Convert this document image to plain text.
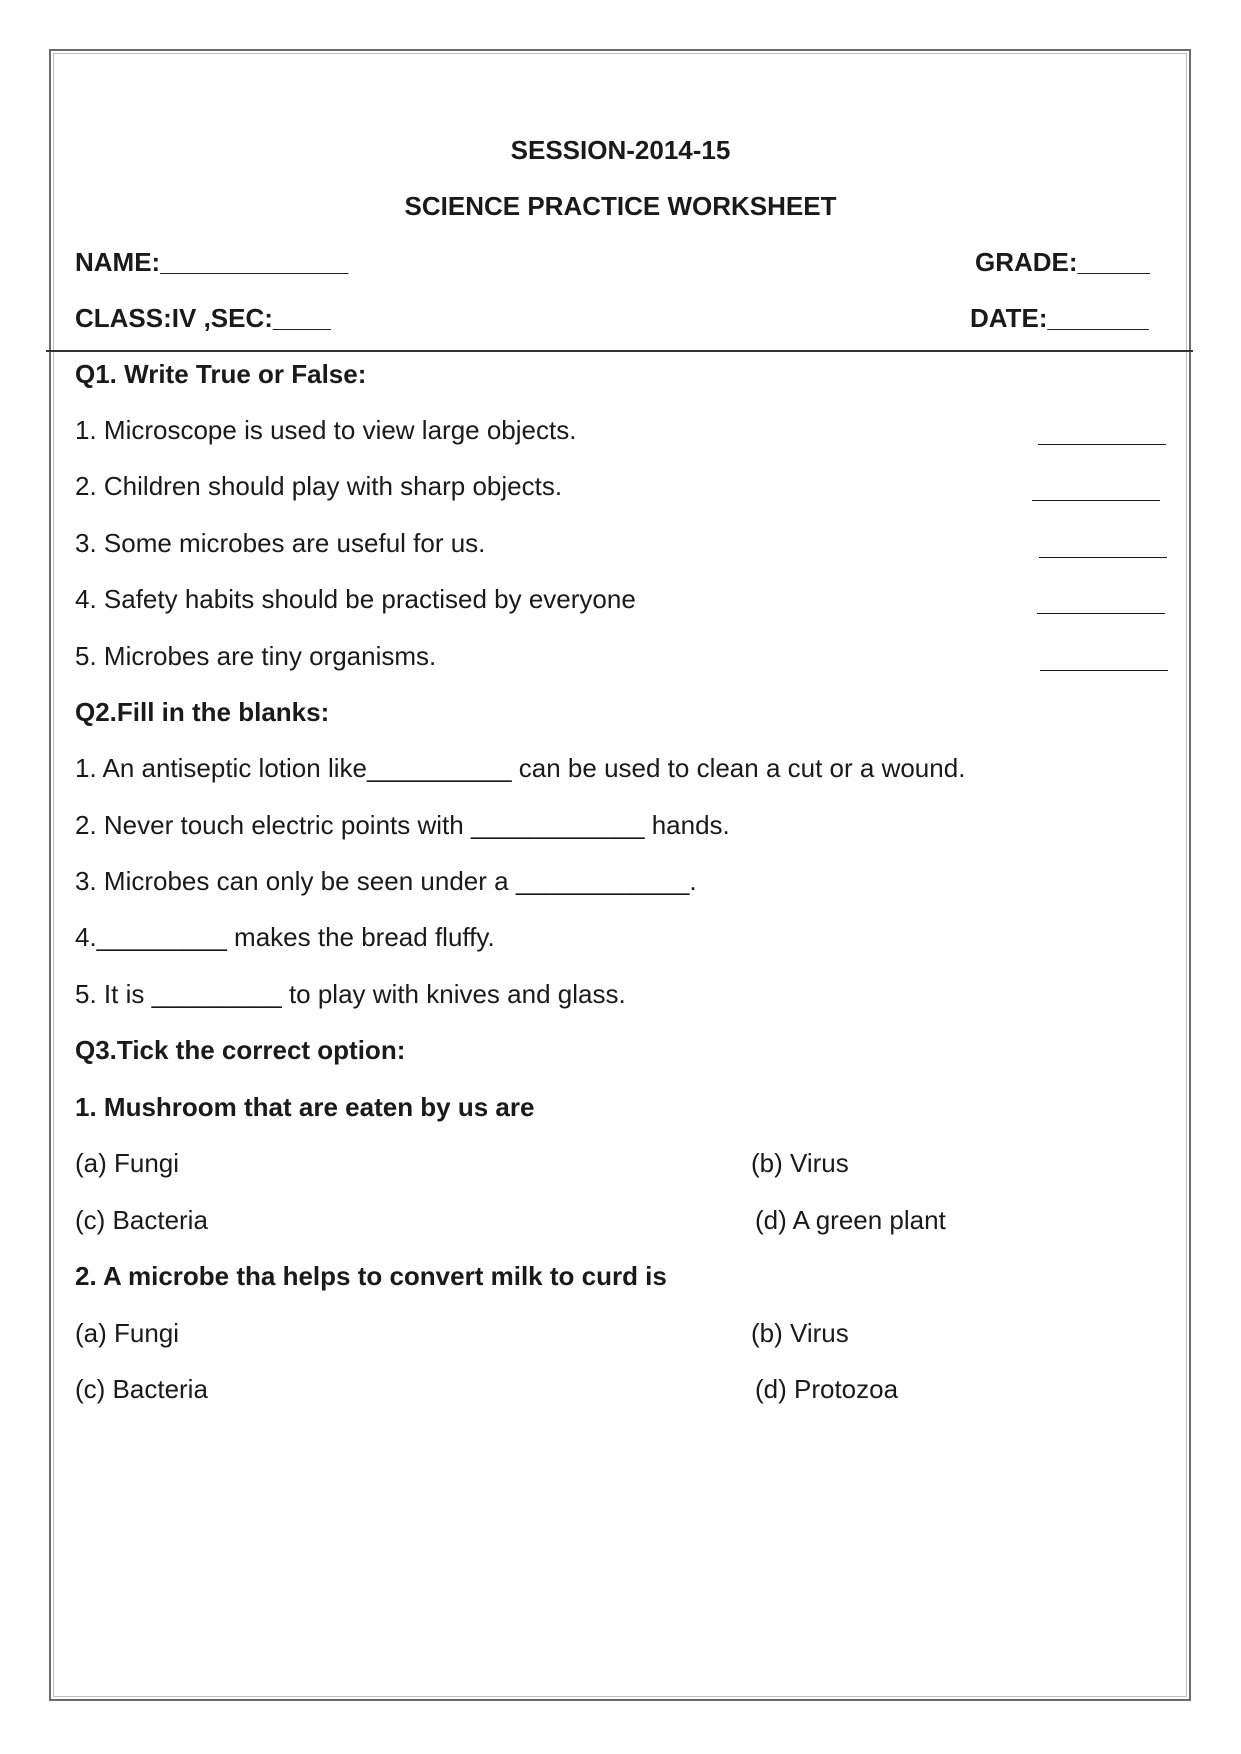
SESSION-2014-15
SCIENCE PRACTICE WORKSHEET
NAME:_____________	GRADE:_____
CLASS:IV ,SEC:____	DATE:_______
Q1. Write True or False:
1. Microscope is used to view large objects.
2. Children should play with sharp objects.
3. Some microbes are useful for us.
4. Safety habits should be practised by everyone
5. Microbes are tiny organisms.
Q2.Fill in the blanks:
1. An antiseptic lotion like__________ can be used to clean a cut or a wound.
2. Never touch electric points with ____________ hands.
3. Microbes can only be seen under a ____________.
4._________ makes the bread fluffy.
5. It is _________ to play with knives and glass.
Q3.Tick the correct option:
1. Mushroom that are eaten by us are
(a) Fungi	(b) Virus
(c) Bacteria	(d) A green plant
2. A microbe tha helps to convert milk to curd is
(a) Fungi	(b) Virus
(c) Bacteria	(d) Protozoa
